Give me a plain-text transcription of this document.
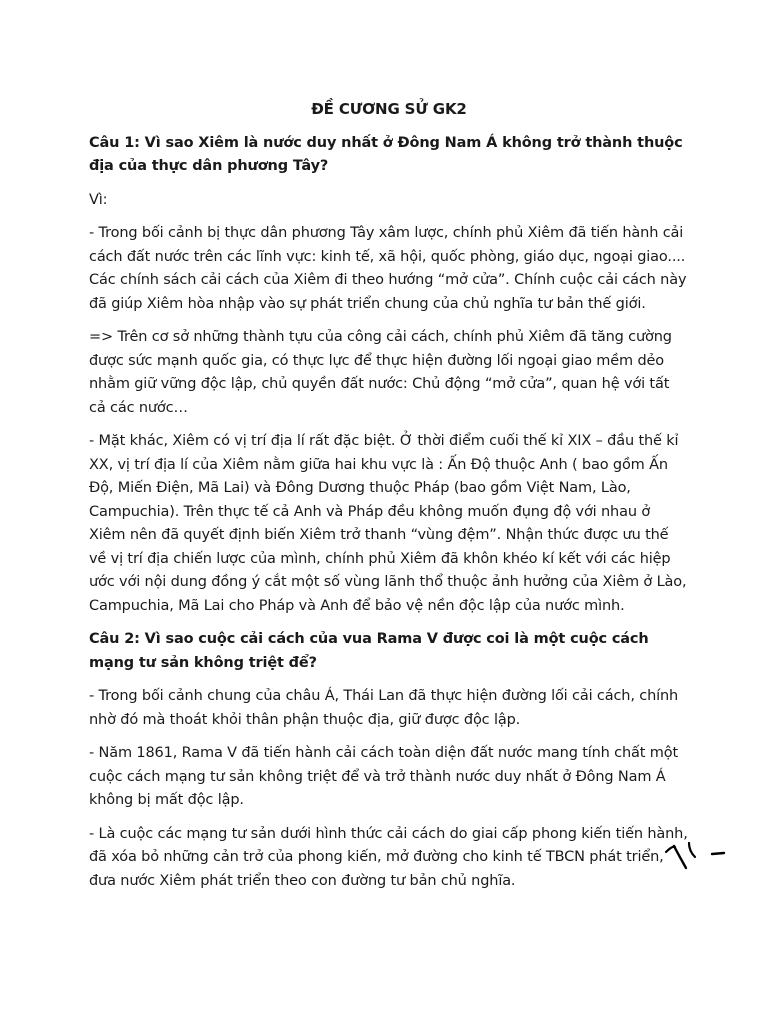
ĐỀ CƯƠNG SỬ GK2
Câu 1: Vì sao Xiêm là nước duy nhất ở Đông Nam Á không trở thành thuộc địa của thực dân phương Tây?
Vì:
- Trong bối cảnh bị thực dân phương Tây xâm lược, chính phủ Xiêm đã tiến hành cải cách đất nước trên các lĩnh vực: kinh tế, xã hội, quốc phòng, giáo dục, ngoại giao.... Các chính sách cải cách của Xiêm đi theo hướng “mở cửa”. Chính cuộc cải cách này đã giúp Xiêm hòa nhập vào sự phát triển chung của chủ nghĩa tư bản thế giới.
=> Trên cơ sở những thành tựu của công cải cách, chính phủ Xiêm đã tăng cường được sức mạnh quốc gia, có thực lực để thực hiện đường lối ngoại giao mềm dẻo nhằm giữ vững độc lập, chủ quyền đất nước: Chủ động “mở cửa”, quan hệ với tất cả các nước…
- Mặt khác, Xiêm có vị trí địa lí rất đặc biệt. Ở thời điểm cuối thế kỉ XIX – đầu thế kỉ XX, vị trí địa lí của Xiêm nằm giữa hai khu vực là : Ấn Độ thuộc Anh ( bao gồm Ấn Độ, Miến Điện, Mã Lai) và Đông Dương thuộc Pháp (bao gồm Việt Nam, Lào, Campuchia). Trên thực tế cả Anh và Pháp đều không muốn đụng độ với nhau ở Xiêm nên đã quyết định biến Xiêm trở thanh “vùng đệm”. Nhận thức được ưu thế về vị trí địa chiến lược của mình, chính phủ Xiêm đã khôn khéo kí kết với các hiệp ước với nội dung đồng ý cắt một số vùng lãnh thổ thuộc ảnh hưởng của Xiêm ở Lào, Campuchia, Mã Lai cho Pháp và Anh để bảo vệ nền độc lập của nước mình.
Câu 2: Vì sao cuộc cải cách của vua Rama V được coi là một cuộc cách mạng tư sản không triệt để?
- Trong bối cảnh chung của châu Á, Thái Lan đã thực hiện đường lối cải cách, chính nhờ đó mà thoát khỏi thân phận thuộc địa, giữ được độc lập.
- Năm 1861, Rama V đã tiến hành cải cách toàn diện đất nước mang tính chất một cuộc cách mạng tư sản không triệt để và trở thành nước duy nhất ở Đông Nam Á không bị mất độc lập.
- Là cuộc các mạng tư sản dưới hình thức cải cách do giai cấp phong kiến tiến hành, đã xóa bỏ những cản trở của phong kiến, mở đường cho kinh tế TBCN phát triển, đưa nước Xiêm phát triển theo con đường tư bản chủ nghĩa.
